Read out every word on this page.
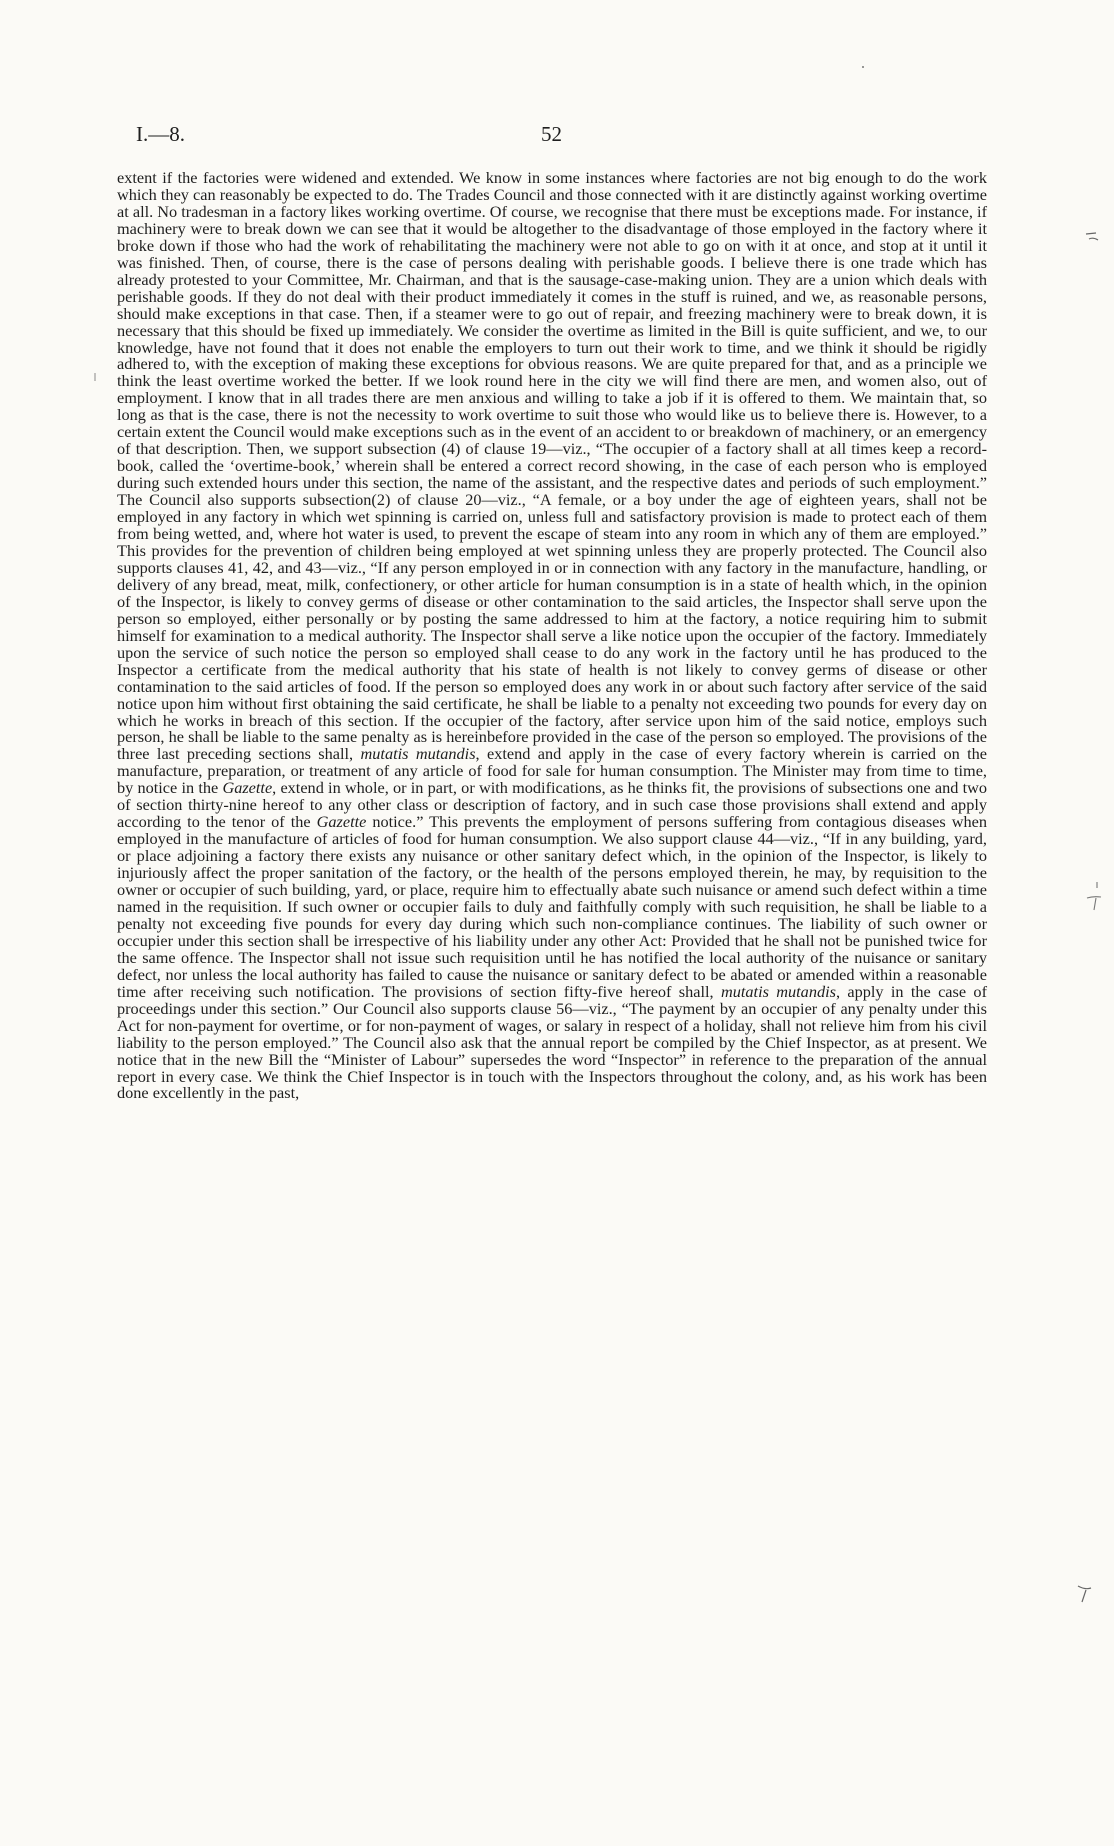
I.—8.	52

extent if the factories were widened and extended. We know in some instances where factories are not big enough to do the work which they can reasonably be expected to do. The Trades Council and those connected with it are distinctly against working overtime at all. No tradesman in a factory likes working overtime. Of course, we recognise that there must be exceptions made. For instance, if machinery were to break down we can see that it would be altogether to the disadvantage of those employed in the factory where it broke down if those who had the work of rehabilitating the machinery were not able to go on with it at once, and stop at it until it was finished. Then, of course, there is the case of persons dealing with perishable goods. I believe there is one trade which has already protested to your Committee, Mr. Chairman, and that is the sausage-case-making union. They are a union which deals with perishable goods. If they do not deal with their product immediately it comes in the stuff is ruined, and we, as reasonable persons, should make exceptions in that case. Then, if a steamer were to go out of repair, and freezing machinery were to break down, it is necessary that this should be fixed up immediately. We consider the overtime as limited in the Bill is quite sufficient, and we, to our knowledge, have not found that it does not enable the employers to turn out their work to time, and we think it should be rigidly adhered to, with the exception of making these exceptions for obvious reasons. We are quite prepared for that, and as a principle we think the least overtime worked the better. If we look round here in the city we will find there are men, and women also, out of employment. I know that in all trades there are men anxious and willing to take a job if it is offered to them. We maintain that, so long as that is the case, there is not the necessity to work overtime to suit those who would like us to believe there is. However, to a certain extent the Council would make exceptions such as in the event of an accident to or breakdown of machinery, or an emergency of that description. Then, we support subsection (4) of clause 19—viz., “The occupier of a factory shall at all times keep a record-book, called the ‘overtime-book,’ wherein shall be entered a correct record showing, in the case of each person who is employed during such extended hours under this section, the name of the assistant, and the respective dates and periods of such employment.” The Council also supports subsection(2) of clause 20—viz., “A female, or a boy under the age of eighteen years, shall not be employed in any factory in which wet spinning is carried on, unless full and satisfactory provision is made to protect each of them from being wetted, and, where hot water is used, to prevent the escape of steam into any room in which any of them are employed.” This provides for the prevention of children being employed at wet spinning unless they are properly protected. The Council also supports clauses 41, 42, and 43—viz., “If any person employed in or in connection with any factory in the manufacture, handling, or delivery of any bread, meat, milk, confectionery, or other article for human consumption is in a state of health which, in the opinion of the Inspector, is likely to convey germs of disease or other contamination to the said articles, the Inspector shall serve upon the person so employed, either personally or by posting the same addressed to him at the factory, a notice requiring him to submit himself for examination to a medical authority. The Inspector shall serve a like notice upon the occupier of the factory. Immediately upon the service of such notice the person so employed shall cease to do any work in the factory until he has produced to the Inspector a certificate from the medical authority that his state of health is not likely to convey germs of disease or other contamination to the said articles of food. If the person so employed does any work in or about such factory after service of the said notice upon him without first obtaining the said certificate, he shall be liable to a penalty not exceeding two pounds for every day on which he works in breach of this section. If the occupier of the factory, after service upon him of the said notice, employs such person, he shall be liable to the same penalty as is hereinbefore provided in the case of the person so employed. The provisions of the three last preceding sections shall, mutatis mutandis, extend and apply in the case of every factory wherein is carried on the manufacture, preparation, or treatment of any article of food for sale for human consumption. The Minister may from time to time, by notice in the Gazette, extend in whole, or in part, or with modifications, as he thinks fit, the provisions of subsections one and two of section thirty-nine hereof to any other class or description of factory, and in such case those provisions shall extend and apply according to the tenor of the Gazette notice.” This prevents the employment of persons suffering from contagious diseases when employed in the manufacture of articles of food for human consumption. We also support clause 44—viz., “If in any building, yard, or place adjoining a factory there exists any nuisance or other sanitary defect which, in the opinion of the Inspector, is likely to injuriously affect the proper sanitation of the factory, or the health of the persons employed therein, he may, by requisition to the owner or occupier of such building, yard, or place, require him to effectually abate such nuisance or amend such defect within a time named in the requisition. If such owner or occupier fails to duly and faithfully comply with such requisition, he shall be liable to a penalty not exceeding five pounds for every day during which such non-compliance continues. The liability of such owner or occupier under this section shall be irrespective of his liability under any other Act: Provided that he shall not be punished twice for the same offence. The Inspector shall not issue such requisition until he has notified the local authority of the nuisance or sanitary defect, nor unless the local authority has failed to cause the nuisance or sanitary defect to be abated or amended within a reasonable time after receiving such notification. The provisions of section fifty-five hereof shall, mutatis mutandis, apply in the case of proceedings under this section.” Our Council also supports clause 56—viz., “The payment by an occupier of any penalty under this Act for non-payment for overtime, or for non-payment of wages, or salary in respect of a holiday, shall not relieve him from his civil liability to the person employed.” The Council also ask that the annual report be compiled by the Chief Inspector, as at present. We notice that in the new Bill the “Minister of Labour” supersedes the word “Inspector” in reference to the preparation of the annual report in every case. We think the Chief Inspector is in touch with the Inspectors throughout the colony, and, as his work has been done excellently in the past,
